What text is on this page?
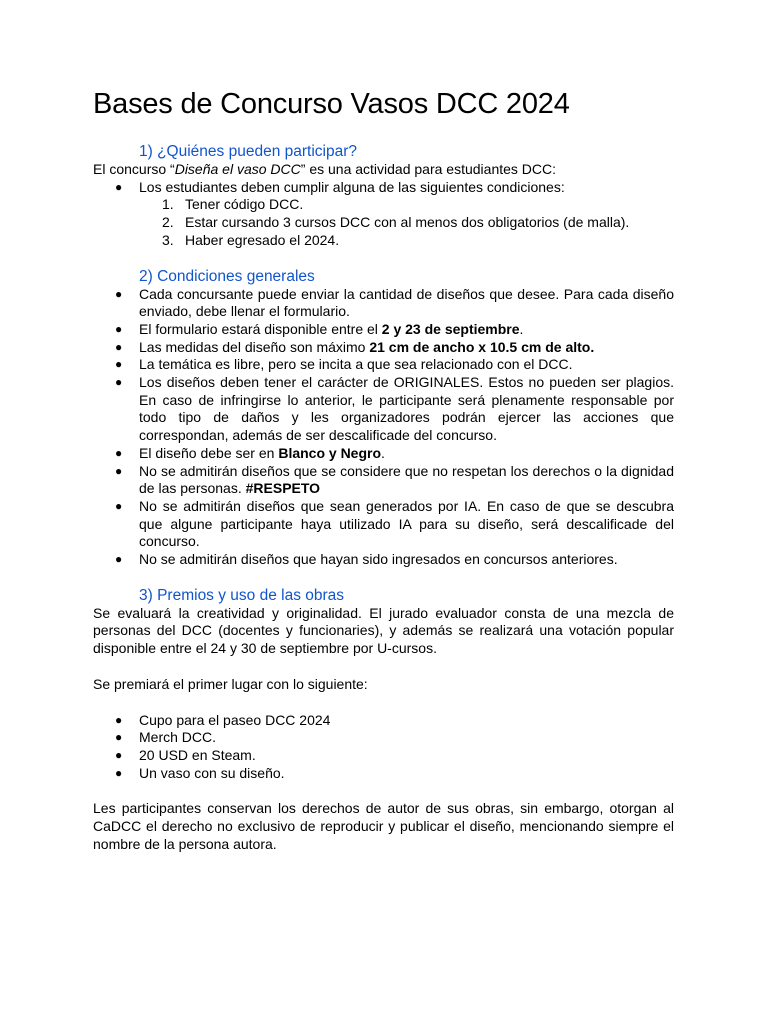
Bases de Concurso Vasos DCC 2024
1) ¿Quiénes pueden participar?

El concurso “Diseña el vaso DCC” es una actividad para estudiantes DCC:

● Los estudiantes deben cumplir alguna de las siguientes condiciones:
1. Tener código DCC.
2. Estar cursando 3 cursos DCC con al menos dos obligatorios (de malla).
3. Haber egresado el 2024.
2) Condiciones generales
● Cada concursante puede enviar la cantidad de diseños que desee. Para cada diseño enviado, debe llenar el formulario.
● El formulario estará disponible entre el 2 y 23 de septiembre.
● Las medidas del diseño son máximo 21 cm de ancho x 10.5 cm de alto.
● La temática es libre, pero se incita a que sea relacionado con el DCC.
● Los diseños deben tener el carácter de ORIGINALES. Estos no pueden ser plagios. En caso de infringirse lo anterior, le participante será plenamente responsable por todo tipo de daños y les organizadores podrán ejercer las acciones que correspondan, además de ser descalificade del concurso.
● El diseño debe ser en Blanco y Negro.
● No se admitirán diseños que se considere que no respetan los derechos o la dignidad de las personas. #RESPETO
● No se admitirán diseños que sean generados por IA. En caso de que se descubra que algune participante haya utilizado IA para su diseño, será descalificade del concurso.
● No se admitirán diseños que hayan sido ingresados en concursos anteriores.
3) Premios y uso de las obras

Se evaluará la creatividad y originalidad. El jurado evaluador consta de una mezcla de personas del DCC (docentes y funcionaries), y además se realizará una votación popular disponible entre el 24 y 30 de septiembre por U-cursos.

Se premiará el primer lugar con lo siguiente:

● Cupo para el paseo DCC 2024
● Merch DCC.
● 20 USD en Steam.
● Un vaso con su diseño.

Les participantes conservan los derechos de autor de sus obras, sin embargo, otorgan al CaDCC el derecho no exclusivo de reproducir y publicar el diseño, mencionando siempre el nombre de la persona autora.
